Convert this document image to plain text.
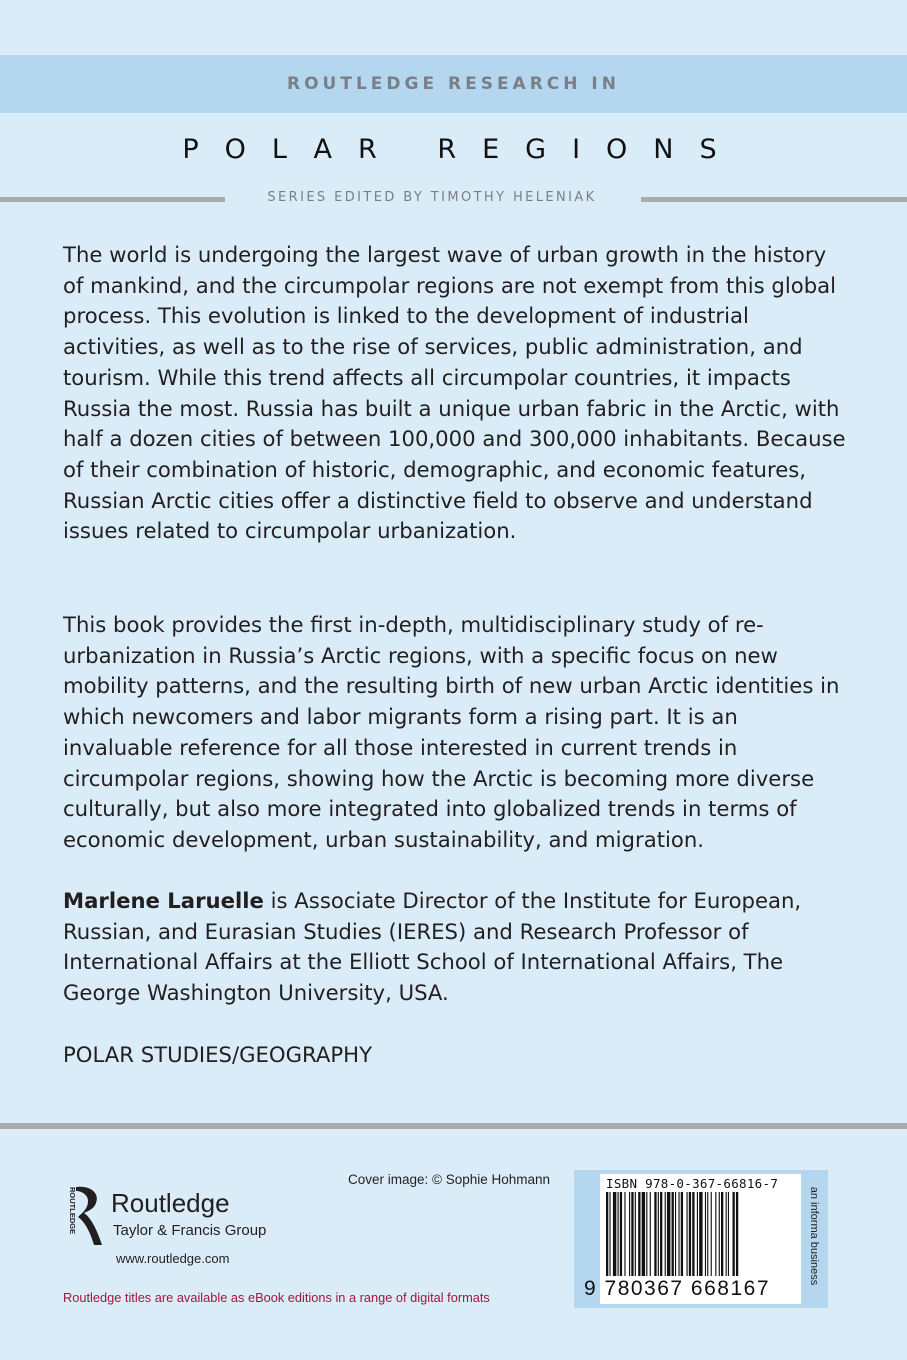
ROUTLEDGE RESEARCH IN
POLAR REGIONS
SERIES EDITED BY TIMOTHY HELENIAK

The world is undergoing the largest wave of urban growth in the history of mankind, and the circumpolar regions are not exempt from this global process. This evolution is linked to the development of industrial activities, as well as to the rise of services, public administration, and tourism. While this trend affects all circumpolar countries, it impacts Russia the most. Russia has built a unique urban fabric in the Arctic, with half a dozen cities of between 100,000 and 300,000 inhabitants. Because of their combination of historic, demographic, and economic features, Russian Arctic cities offer a distinctive field to observe and understand issues related to circumpolar urbanization.

This book provides the first in-depth, multidisciplinary study of re-urbanization in Russia’s Arctic regions, with a specific focus on new mobility patterns, and the resulting birth of new urban Arctic identities in which newcomers and labor migrants form a rising part. It is an invaluable reference for all those interested in current trends in circumpolar regions, showing how the Arctic is becoming more diverse culturally, but also more integrated into globalized trends in terms of economic development, urban sustainability, and migration.

Marlene Laruelle is Associate Director of the Institute for European, Russian, and Eurasian Studies (IERES) and Research Professor of International Affairs at the Elliott School of International Affairs, The George Washington University, USA.

POLAR STUDIES/GEOGRAPHY

ROUTLEDGE Routledge
Taylor & Francis Group
www.routledge.com
Cover image: © Sophie Hohmann	ISBN 978-0-367-66816-7
9 780367 668167
an informa business
Routledge titles are available as eBook editions in a range of digital formats
